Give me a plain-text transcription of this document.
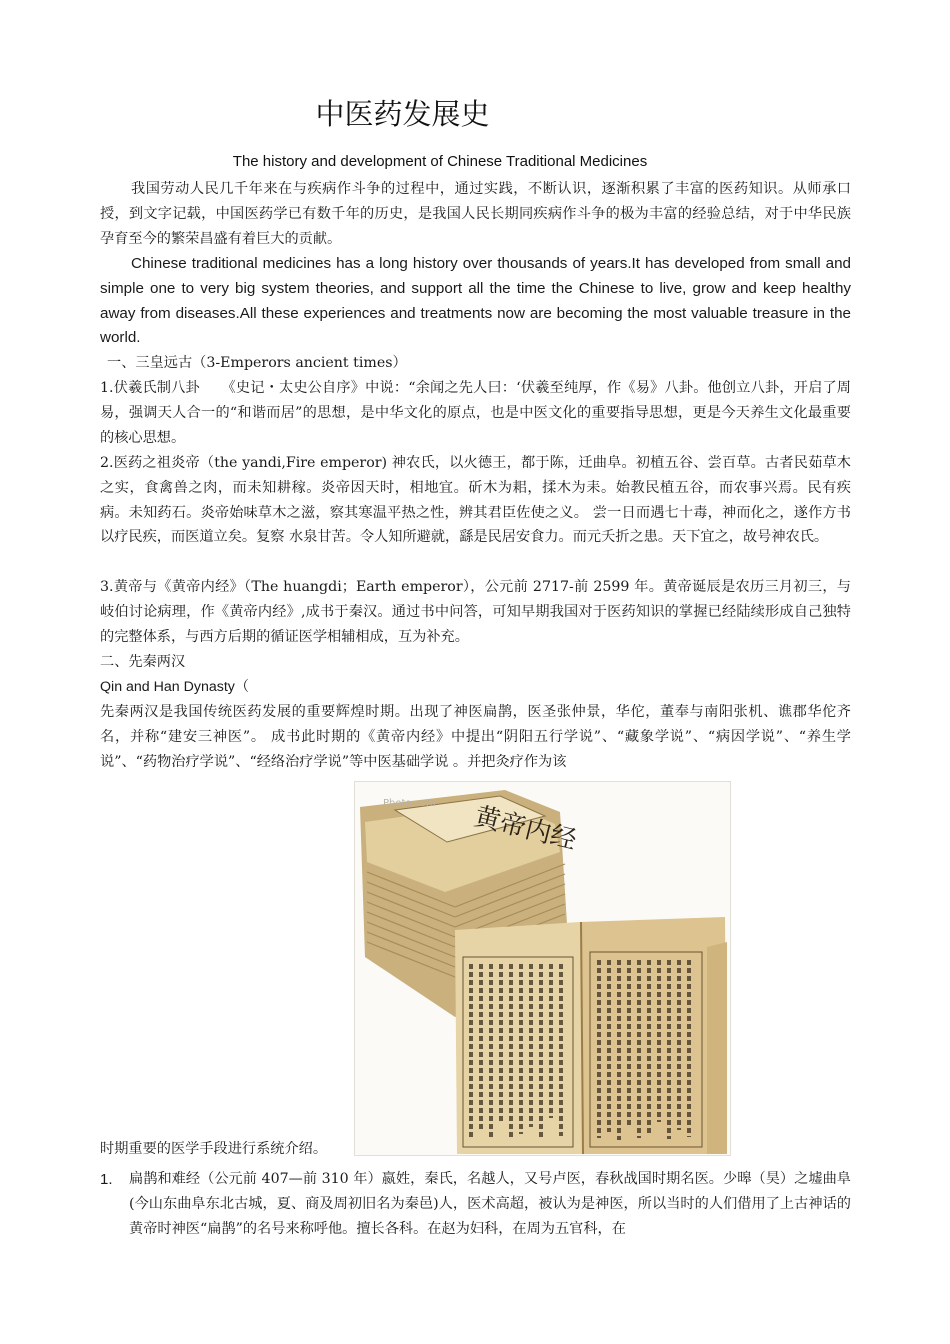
中医药发展史
The history and development of Chinese Traditional Medicines
我国劳动人民几千年来在与疾病作斗争的过程中，通过实践，不断认识，逐渐积累了丰富的医药知识。从师承口授，到文字记载，中国医药学已有数千年的历史，是我国人民长期同疾病作斗争的极为丰富的经验总结，对于中华民族孕育至今的繁荣昌盛有着巨大的贡献。
Chinese traditional medicines has a long history over thousands of years.It has developed from small and simple one to very big system theories, and support all the time the Chinese to live, grow and keep healthy away from diseases.All these experiences and treatments now are becoming the most valuable treasure in the world.
一、三皇远古（3-Emperors ancient times）
1.伏羲氏制八卦　　《史记・太史公自序》中说：“余闻之先人曰：‘伏羲至纯厚，作《易》八卦。他创立八卦，开启了周易，强调天人合一的“和谐而居”的思想，是中华文化的原点，也是中医文化的重要指导思想，更是今天养生文化最重要的核心思想。
2.医药之祖炎帝（the yandi,Fire emperor) 神农氏，以火德王，都于陈，迁曲阜。初植五谷、尝百草。古者民茹草木之实，食禽兽之肉，而未知耕稼。炎帝因天时，相地宜。斫木为耜，揉木为耒。始教民植五谷，而农事兴焉。民有疾病。未知药石。炎帝始味草木之滋，察其寒温平热之性，辨其君臣佐使之义。 尝一日而遇七十毒，神而化之，遂作方书以疗民疾，而医道立矣。复察 水泉甘苦。令人知所避就，繇是民居安食力。而元夭折之患。天下宜之，故号神农氏。
3.黄帝与《黄帝内经》（The huangdi；Earth emperor），公元前 2717-前 2599 年。黄帝诞辰是农历三月初三，与岐伯讨论病理，作《黄帝内经》,成书于秦汉。通过书中问答，可知早期我国对于医药知识的掌握已经陆续形成自己独特的完整体系，与西方后期的循证医学相辅相成，互为补充。
二、先秦两汉
Qin and Han Dynasty（
先秦两汉是我国传统医药发展的重要辉煌时期。出现了神医扁鹊，医圣张仲景，华佗，董奉与南阳张机、谯郡华佗齐名，并称“建安三神医”。 成书此时期的《黄帝内经》中提出“阴阳五行学说”、“藏象学说”、“病因学说”、“养生学说”、“药物治疗学说”、“经络治疗学说”等中医基础学说 。并把灸疗作为该
黄帝内经
Photo.com
时期重要的医学手段进行系统介绍。
1. 扁鹊和难经（公元前 407—前 310 年）嬴姓，秦氏，名越人，又号卢医，春秋战国时期名医。少暤（昊）之墟曲阜(今山东曲阜东北古城，夏、商及周初旧名为秦邑)人，医术高超，被认为是神医，所以当时的人们借用了上古神话的黄帝时神医“扁鹊”的名号来称呼他。擅长各科。在赵为妇科，在周为五官科，在
